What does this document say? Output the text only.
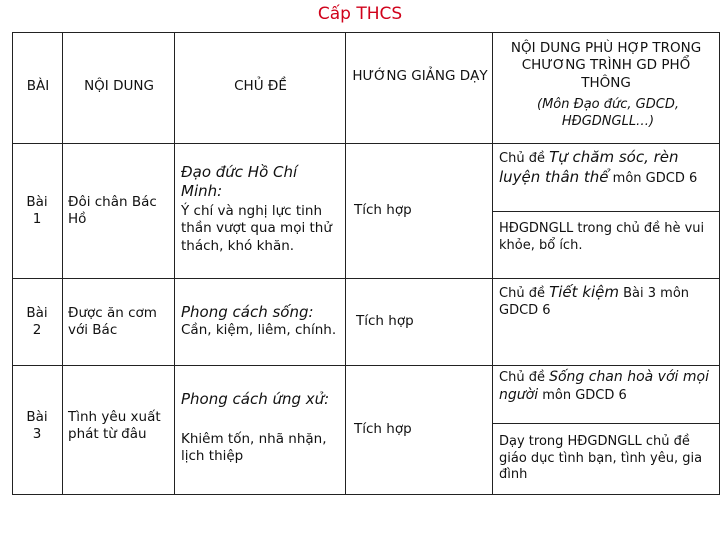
Cấp THCS
BÀI	NỘI DUNG	CHỦ ĐỀ
HƯỚNG GIẢNG DẠY
NỘI DUNG PHÙ HỢP TRONG CHƯƠNG TRÌNH GD PHỔ THÔNG
(Môn Đạo đức, GDCD, HĐGDNGLL…)
Bài 1
Đôi chân Bác Hồ
Đạo đức Hồ Chí Minh:
Ý chí và nghị lực tinh thần vượt qua mọi thử thách, khó khăn.
Tích hợp
Chủ đề Tự chăm sóc, rèn luyện thân thể môn GDCD 6
HĐGDNGLL trong chủ đề hè vui khỏe, bổ ích.
Bài 2
Được ăn cơm với Bác
Phong cách sống:
Cần, kiệm, liêm, chính.
Tích hợp
Chủ đề Tiết kiệm Bài 3 môn GDCD 6
Bài 3
Tình yêu xuất phát từ đâu
Phong cách ứng xử:
Khiêm tốn, nhã nhặn, lịch thiệp
Tích hợp
Chủ đề Sống chan hoà với mọi người môn GDCD 6
Dạy trong HĐGDNGLL chủ đề giáo dục tình bạn, tình yêu, gia đình
